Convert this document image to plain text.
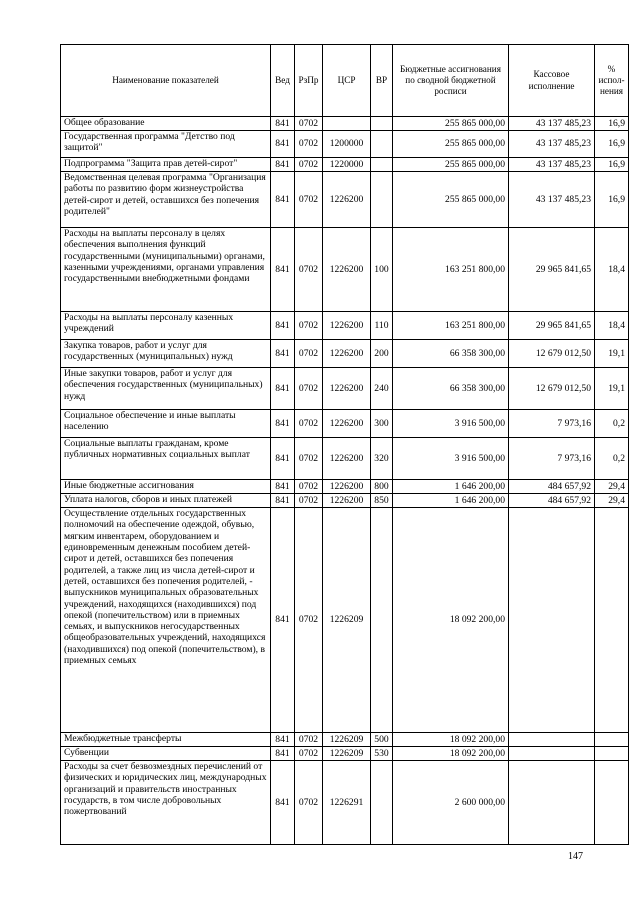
Наименование показателей	Вед	РзПр	ЦСР	ВР	Бюджетные ассигнования по сводной бюджетной росписи	Кассовое исполнение	% испол-нения
Общее образование	841	0702			255 865 000,00	43 137 485,23	16,9
Государственная программа "Детство под защитой"	841	0702	1200000		255 865 000,00	43 137 485,23	16,9
Подпрограмма "Защита прав детей-сирот"	841	0702	1220000		255 865 000,00	43 137 485,23	16,9
Ведомственная целевая программа "Организация работы по развитию форм жизнеустройства детей-сирот и детей, оставшихся без попечения родителей"	841	0702	1226200		255 865 000,00	43 137 485,23	16,9
Расходы на выплаты персоналу в целях обеспечения выполнения функций государственными (муниципальными) органами, казенными учреждениями, органами управления государственными внебюджетными фондами	841	0702	1226200	100	163 251 800,00	29 965 841,65	18,4
Расходы на выплаты персоналу казенных учреждений	841	0702	1226200	110	163 251 800,00	29 965 841,65	18,4
Закупка товаров, работ и услуг для государственных (муниципальных) нужд	841	0702	1226200	200	66 358 300,00	12 679 012,50	19,1
Иные закупки товаров, работ и услуг для обеспечения государственных (муниципальных) нужд	841	0702	1226200	240	66 358 300,00	12 679 012,50	19,1
Социальное обеспечение и иные выплаты населению	841	0702	1226200	300	3 916 500,00	7 973,16	0,2
Социальные выплаты гражданам, кроме публичных нормативных социальных выплат	841	0702	1226200	320	3 916 500,00	7 973,16	0,2
Иные бюджетные ассигнования	841	0702	1226200	800	1 646 200,00	484 657,92	29,4
Уплата налогов, сборов и иных платежей	841	0702	1226200	850	1 646 200,00	484 657,92	29,4
Осуществление отдельных государственных полномочий на обеспечение одеждой, обувью, мягким инвентарем, оборудованием и единовременным денежным пособием детей-сирот и детей, оставшихся без попечения родителей, а также лиц из числа детей-сирот и детей, оставшихся без попечения родителей, - выпускников муниципальных образовательных учреждений, находящихся (находившихся) под опекой (попечительством) или в приемных семьях, и выпускников негосударственных общеобразовательных учреждений, находящихся (находившихся) под опекой (попечительством), в приемных семьях	841	0702	1226209		18 092 200,00		
Межбюджетные трансферты	841	0702	1226209	500	18 092 200,00		
Субвенции	841	0702	1226209	530	18 092 200,00		
Расходы за счет безвозмездных перечислений от физических и юридических лиц, международных организаций и правительств иностранных государств, в том числе добровольных пожертвований	841	0702	1226291		2 600 000,00		
147
